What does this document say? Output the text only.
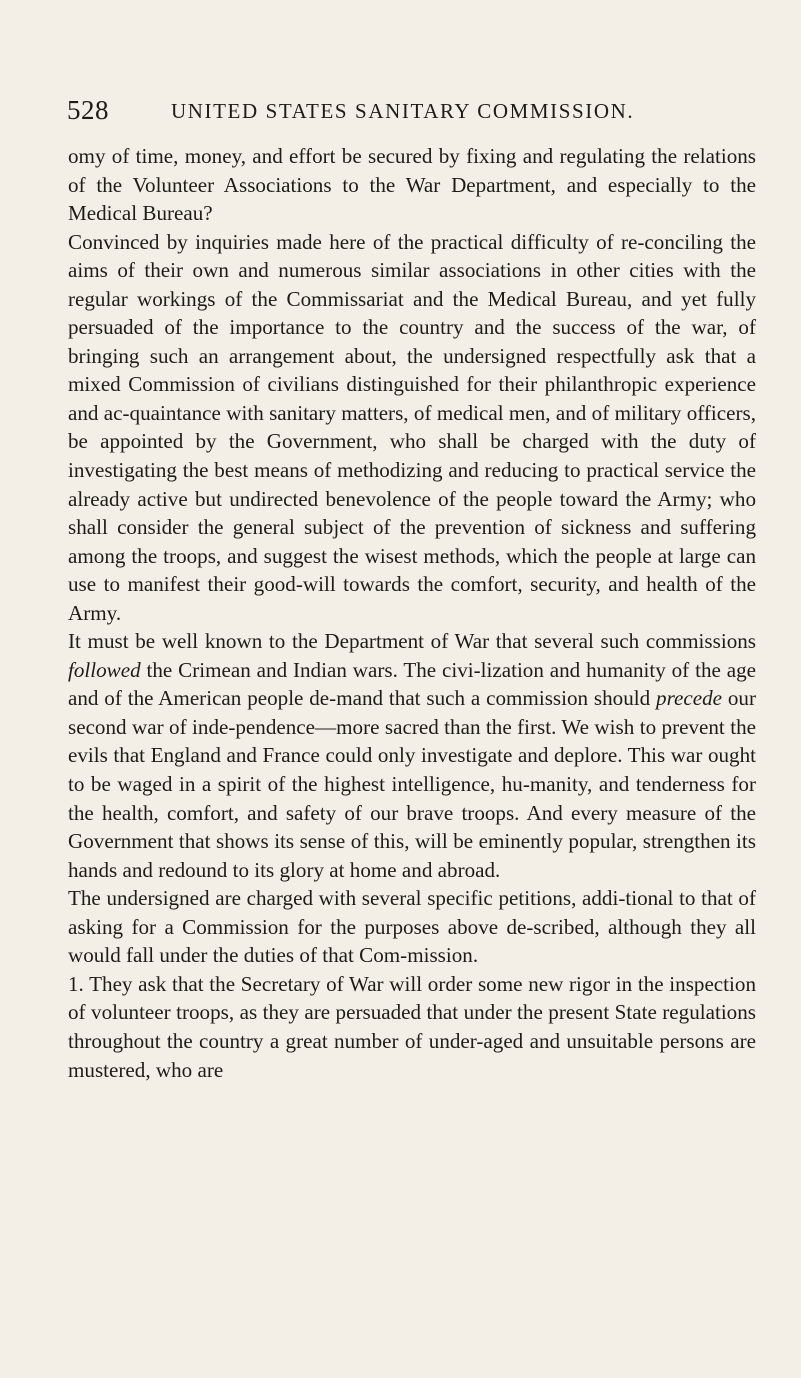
528	UNITED STATES SANITARY COMMISSION.

omy of time, money, and effort be secured by fixing and regulating the relations of the Volunteer Associations to the War Department, and especially to the Medical Bureau?

Convinced by inquiries made here of the practical difficulty of re-conciling the aims of their own and numerous similar associations in other cities with the regular workings of the Commissariat and the Medical Bureau, and yet fully persuaded of the importance to the country and the success of the war, of bringing such an arrangement about, the undersigned respectfully ask that a mixed Commission of civilians distinguished for their philanthropic experience and ac-quaintance with sanitary matters, of medical men, and of military officers, be appointed by the Government, who shall be charged with the duty of investigating the best means of methodizing and reducing to practical service the already active but undirected benevolence of the people toward the Army; who shall consider the general subject of the prevention of sickness and suffering among the troops, and suggest the wisest methods, which the people at large can use to manifest their good-will towards the comfort, security, and health of the Army.

It must be well known to the Department of War that several such commissions followed the Crimean and Indian wars. The civi-lization and humanity of the age and of the American people de-mand that such a commission should precede our second war of inde-pendence—more sacred than the first. We wish to prevent the evils that England and France could only investigate and deplore. This war ought to be waged in a spirit of the highest intelligence, hu-manity, and tenderness for the health, comfort, and safety of our brave troops. And every measure of the Government that shows its sense of this, will be eminently popular, strengthen its hands and redound to its glory at home and abroad.

The undersigned are charged with several specific petitions, addi-tional to that of asking for a Commission for the purposes above de-scribed, although they all would fall under the duties of that Com-mission.

1. They ask that the Secretary of War will order some new rigor in the inspection of volunteer troops, as they are persuaded that under the present State regulations throughout the country a great number of under-aged and unsuitable persons are mustered, who are
